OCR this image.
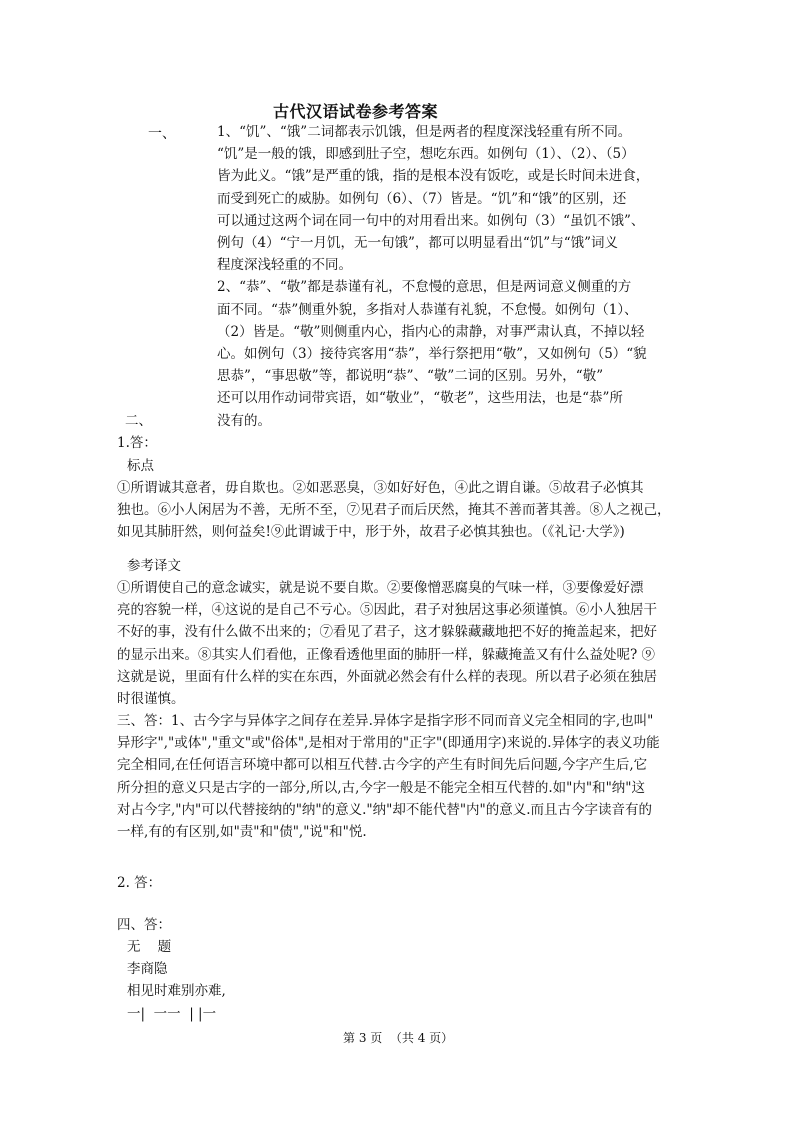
古代汉语试卷参考答案
一、	1、“饥”、“饿”二词都表示饥饿，但是两者的程度深浅轻重有所不同。
“饥”是一般的饿，即感到肚子空，想吃东西。如例句（1）、（2）、（5）
皆为此义。“饿”是严重的饿，指的是根本没有饭吃，或是长时间未进食，
而受到死亡的威胁。如例句（6）、（7）皆是。“饥”和“饿”的区别，还
可以通过这两个词在同一句中的对用看出来。如例句（3）“虽饥不饿”、
例句（4）“宁一月饥，无一旬饿”，都可以明显看出“饥”与“饿”词义
程度深浅轻重的不同。
2、“恭”、“敬”都是恭谨有礼，不怠慢的意思，但是两词意义侧重的方
面不同。“恭”侧重外貌，多指对人恭谨有礼貌，不怠慢。如例句（1）、
（2）皆是。“敬”则侧重内心，指内心的肃静，对事严肃认真，不掉以轻
心。如例句（3）接待宾客用“恭”，举行祭把用“敬”，又如例句（5）“貌
思恭”，“事思敬”等，都说明“恭”、“敬”二词的区别。另外，“敬”
还可以用作动词带宾语，如“敬业”，“敬老”，这些用法，也是“恭”所
没有的。
二、
1.答：
标点
①所谓诚其意者，毋自欺也。②如恶恶臭，③如好好色，④此之谓自谦。⑤故君子必慎其
独也。⑥小人闲居为不善，无所不至，⑦见君子而后厌然，掩其不善而著其善。⑧人之视己，
如见其肺肝然，则何益矣!⑨此谓诚于中，形于外，故君子必慎其独也。（《礼记·大学》)
参考译文
①所谓使自己的意念诚实，就是说不要自欺。②要像憎恶腐臭的气味一样，③要像爱好漂
亮的容貌一样，④这说的是自己不亏心。⑤因此，君子对独居这事必须谨慎。⑥小人独居干
不好的事，没有什么做不出来的；⑦看见了君子，这才躲躲藏藏地把不好的掩盖起来，把好
的显示出来。⑧其实人们看他，正像看透他里面的肺肝一样，躲藏掩盖又有什么益处呢? ⑨
这就是说，里面有什么样的实在东西，外面就必然会有什么样的表现。所以君子必须在独居
时很谨慎。
三、答：1、古今字与异体字之间存在差异.异体字是指字形不同而音义完全相同的字,也叫"
异形字","或体","重文"或"俗体",是相对于常用的"正字"(即通用字)来说的.异体字的表义功能
完全相同,在任何语言环境中都可以相互代替.古今字的产生有时间先后问题,今字产生后,它
所分担的意义只是古字的一部分,所以,古,今字一般是不能完全相互代替的.如"内"和"纳"这
对占今字,"内"可以代替接纳的"纳"的意义."纳"却不能代替"内"的意义.而且古今字读音有的
一样,有的有区别,如"责"和"债","说"和"悦.
2. 答：
四、答：
无    题
李商隐
相见时难别亦难,
一|  一一  | |一
第 3 页  （共 4 页）
